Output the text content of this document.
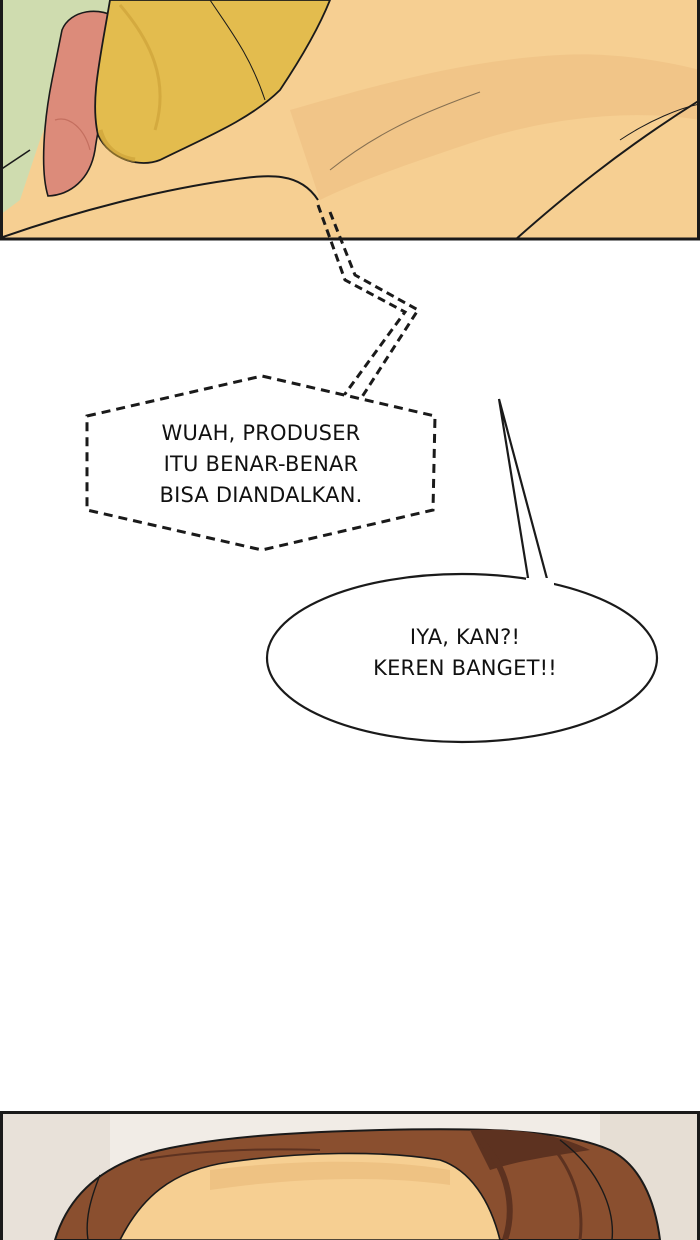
WUAH, PRODUSER
ITU BENAR-BENAR
BISA DIANDALKAN.
IYA, KAN?!
KEREN BANGET!!
